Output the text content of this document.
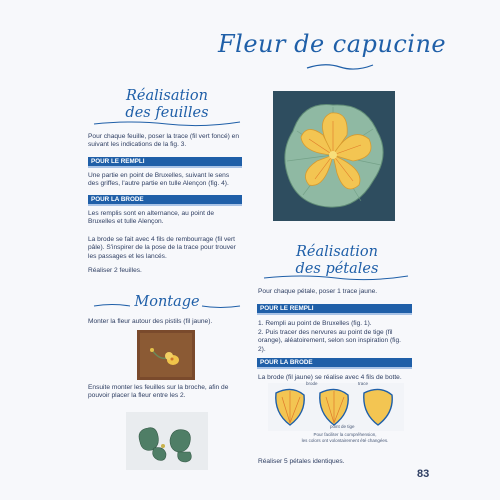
Fleur de capucine
Réalisation
des feuilles
Pour chaque feuille, poser la trace (fil vert foncé) en suivant les indications de la fig. 3.
POUR LE REMPLI
Une partie en point de Bruxelles, suivant le sens des griffes, l'autre partie en tulle Alençon (fig. 4).
POUR LA BRODE
Les remplis sont en alternance, au point de Bruxelles et tulle Alençon.
La brode se fait avec 4 fils de rembourrage (fil vert pâle). S'inspirer de la pose de la trace pour trouver les passages et les lancés.
Réaliser 2 feuilles.
Montage
Monter la fleur autour des pistils (fil jaune).
Ensuite monter les feuilles sur la broche, afin de pouvoir placer la fleur entre les 2.
Réalisation
des pétales
Pour chaque pétale, poser 1 trace jaune.
POUR LE REMPLI
1. Rempli au point de Bruxelles (fig. 1).
2. Puis tracer des nervures au point de tige (fil orange), aléatoirement, selon son inspiration (fig. 2).
POUR LA BRODE
La brode (fil jaune) se réalise avec 4 fils de botte.
brode	trace
point de tige
Pour faciliter la compréhension,
les colors ont volontairement été changées.
Réaliser 5 pétales identiques.
83
